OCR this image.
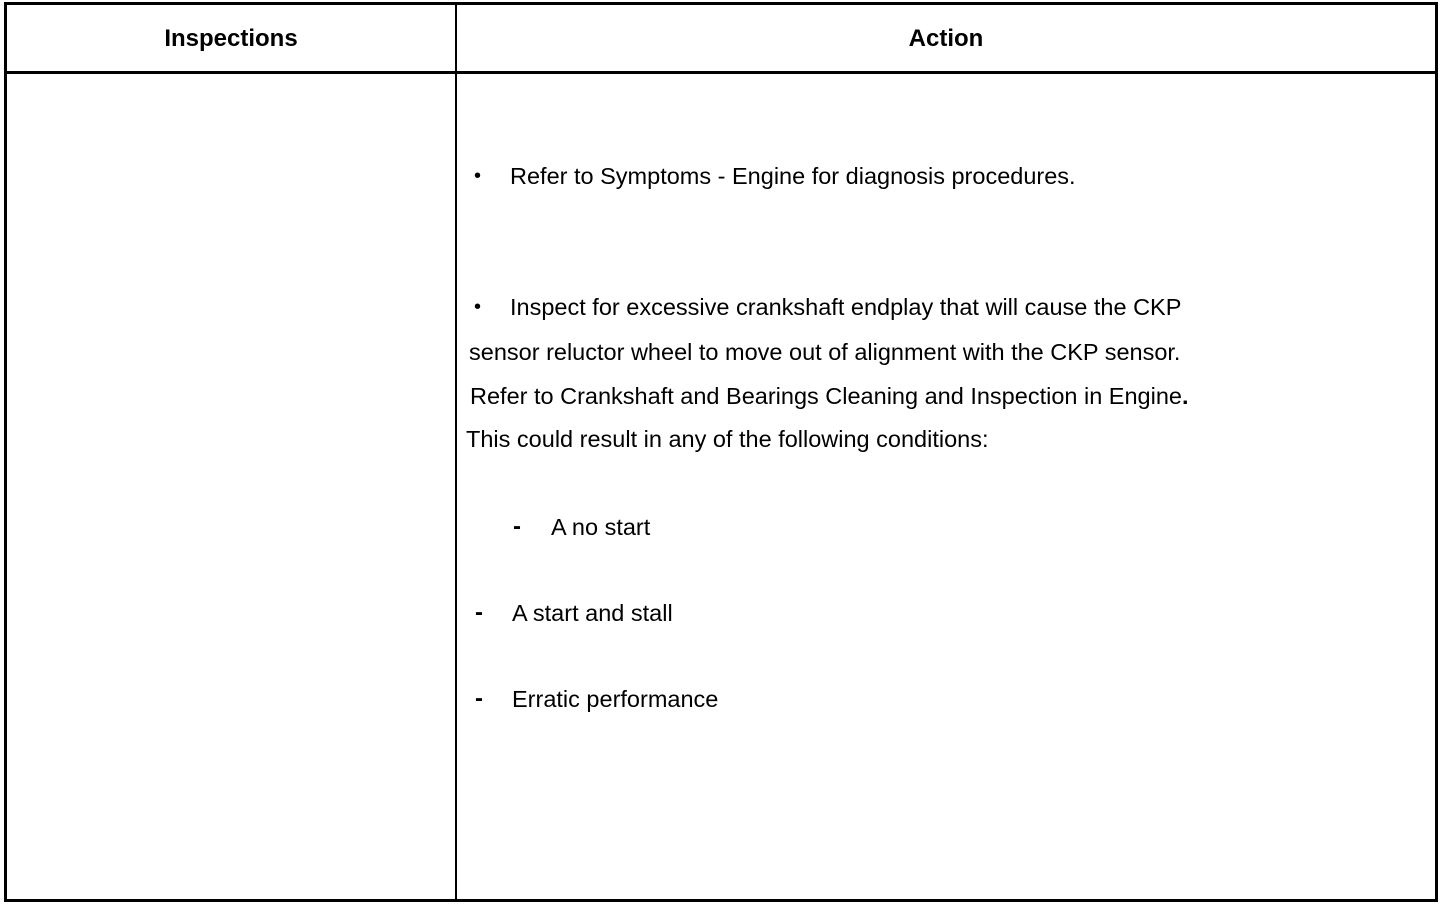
Inspections	Action
• Refer to Symptoms - Engine for diagnosis procedures.
• Inspect for excessive crankshaft endplay that will cause the CKP
sensor reluctor wheel to move out of alignment with the CKP sensor.
Refer to Crankshaft and Bearings Cleaning and Inspection in Engine.
This could result in any of the following conditions:
- A no start
- A start and stall
- Erratic performance
